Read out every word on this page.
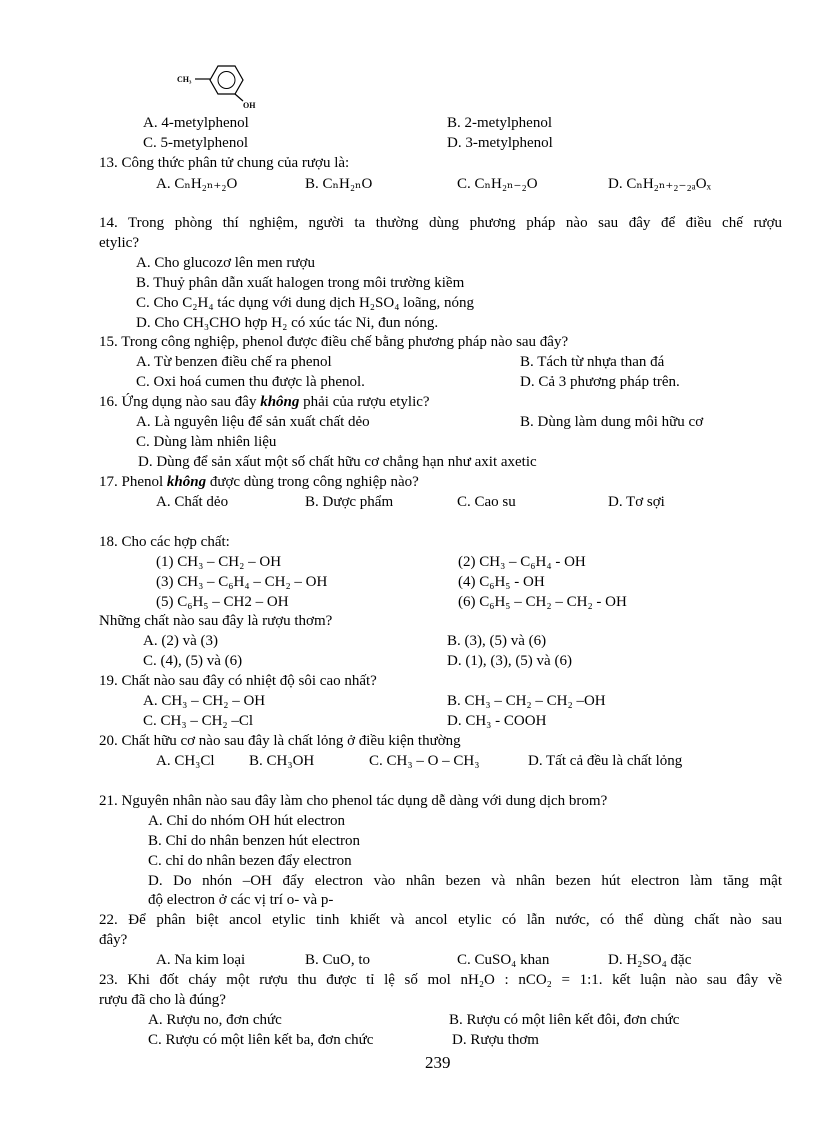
CH₃
OH
A. 4-metylphenol	B. 2-metylphenol
C. 5-metylphenol	D. 3-metylphenol
13. Công thức phân tử chung của rượu là:
A. CₙH₂ₙ₊₂O	B. CₙH₂ₙO	C. CₙH₂ₙ₋₂O	D. CₙH₂ₙ₊₂₋₂ₐOₓ
14. Trong phòng thí nghiệm, người ta thường dùng phương pháp nào sau đây để điều chế rượu
etylic?
A. Cho glucozơ lên men rượu
B. Thuỷ phân dẫn xuất halogen trong môi trường kiềm
C. Cho C₂H₄ tác dụng với dung dịch H₂SO₄ loãng, nóng
D. Cho CH₃CHO hợp H₂ có xúc tác Ni, đun nóng.
15. Trong công nghiệp, phenol được điều chế bằng phương pháp nào sau đây?
A. Từ benzen điều chế ra phenol	B. Tách từ nhựa than đá
C. Oxi hoá cumen thu được là phenol.	D. Cả 3 phương pháp trên.
16. Ứng dụng nào sau đây không phải của rượu etylic?
A. Là nguyên liệu để sản xuất chất dẻo	B. Dùng làm dung môi hữu cơ
C. Dùng làm nhiên liệu
D. Dùng để sản xấut một số chất hữu cơ chẳng hạn như axit axetic
17. Phenol không được dùng trong công nghiệp nào?
A. Chất dẻo	B. Dược phẩm	C. Cao su	D. Tơ sợi
18. Cho các hợp chất:
(1) CH₃ – CH₂ – OH	(2) CH₃ – C₆H₄ - OH
(3) CH₃ – C₆H₄ – CH₂ – OH	(4) C₆H₅ - OH
(5) C₆H₅ – CH2 – OH	(6) C₆H₅ – CH₂ – CH₂ - OH
Những chất nào sau đây là rượu thơm?
A. (2) và (3)	B. (3), (5) và (6)
C. (4), (5) và (6)	D. (1), (3), (5) và (6)
19. Chất nào sau đây có nhiệt độ sôi cao nhất?
A. CH₃ – CH₂ – OH	B. CH₃ – CH₂ – CH₂ –OH
C. CH₃ – CH₂ –Cl	D. CH₃ - COOH
20. Chất hữu cơ nào sau đây là chất lỏng ở điều kiện thường
A. CH₃Cl B. CH₃OH	C. CH₃ – O – CH₃	D. Tất cả đều là chất lỏng
21. Nguyên nhân nào sau đây làm cho phenol tác dụng dễ dàng với dung dịch brom?
A. Chỉ do nhóm OH hút electron
B. Chỉ do nhân benzen hút electron
C. chỉ do nhân bezen đẩy electron
D. Do nhón –OH đẩy electron vào nhân bezen và nhân bezen hút electron làm tăng mật
độ electron ở các vị trí o- và p-
22. Để phân biệt ancol etylic tinh khiết và ancol etylic có lẫn nước, có thể dùng chất nào sau
đây?
A. Na kim loại	B. CuO, to	C. CuSO₄ khan	D. H₂SO₄ đặc
23. Khi đốt cháy một rượu thu được tỉ lệ số mol nH₂O : nCO₂ = 1:1. kết luận nào sau đây về
rượu đã cho là đúng?
A. Rượu no, đơn chức	B. Rượu có một liên kết đôi, đơn chức
C. Rượu có một liên kết ba, đơn chức	D. Rượu thơm
239
